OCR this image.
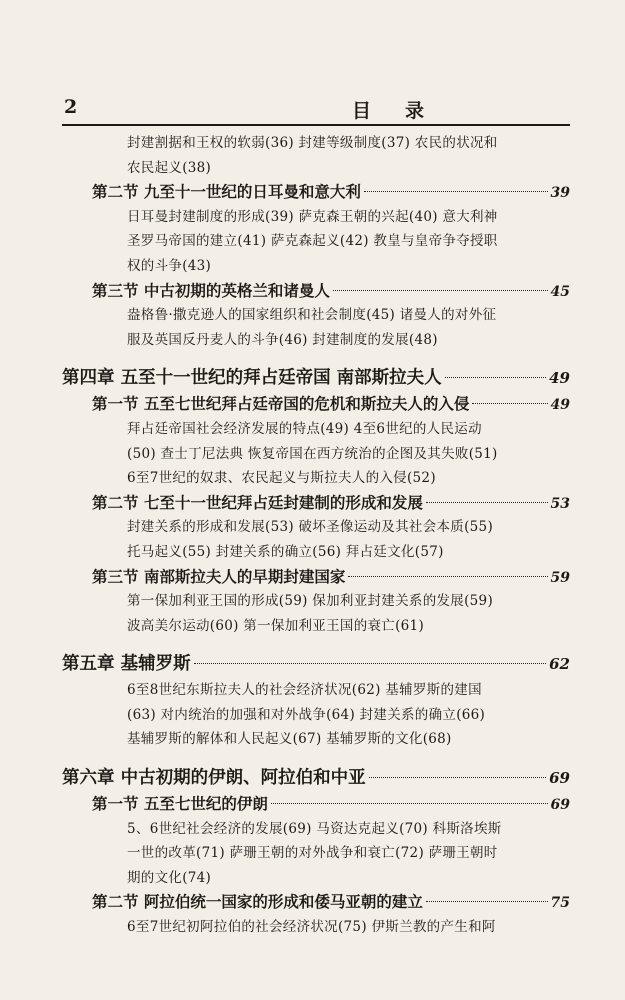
2	目录
封建割据和王权的软弱(36) 封建等级制度(37) 农民的状况和
农民起义(38)
第二节 九至十一世纪的日耳曼和意大利	39
日耳曼封建制度的形成(39) 萨克森王朝的兴起(40) 意大利神
圣罗马帝国的建立(41) 萨克森起义(42) 教皇与皇帝争夺授职
权的斗争(43)
第三节 中古初期的英格兰和诸曼人	45
盎格鲁·撒克逊人的国家组织和社会制度(45) 诸曼人的对外征
服及英国反丹麦人的斗争(46) 封建制度的发展(48)
第四章 五至十一世纪的拜占廷帝国 南部斯拉夫人	49
第一节 五至七世纪拜占廷帝国的危机和斯拉夫人的入侵	49
拜占廷帝国社会经济发展的特点(49) 4至6世纪的人民运动
(50) 查士丁尼法典 恢复帝国在西方统治的企图及其失败(51)
6至7世纪的奴隶、农民起义与斯拉夫人的入侵(52)
第二节 七至十一世纪拜占廷封建制的形成和发展	53
封建关系的形成和发展(53) 破坏圣像运动及其社会本质(55)
托马起义(55) 封建关系的确立(56) 拜占廷文化(57)
第三节 南部斯拉夫人的早期封建国家	59
第一保加利亚王国的形成(59) 保加利亚封建关系的发展(59)
波高美尔运动(60) 第一保加利亚王国的衰亡(61)
第五章 基辅罗斯	62
6至8世纪东斯拉夫人的社会经济状况(62) 基辅罗斯的建国
(63) 对内统治的加强和对外战争(64) 封建关系的确立(66)
基辅罗斯的解体和人民起义(67) 基辅罗斯的文化(68)
第六章 中古初期的伊朗、阿拉伯和中亚	69
第一节 五至七世纪的伊朗	69
5、6世纪社会经济的发展(69) 马资达克起义(70) 科斯洛埃斯
一世的改革(71) 萨珊王朝的对外战争和衰亡(72) 萨珊王朝时
期的文化(74)
第二节 阿拉伯统一国家的形成和倭马亚朝的建立	75
6至7世纪初阿拉伯的社会经济状况(75) 伊斯兰教的产生和阿
